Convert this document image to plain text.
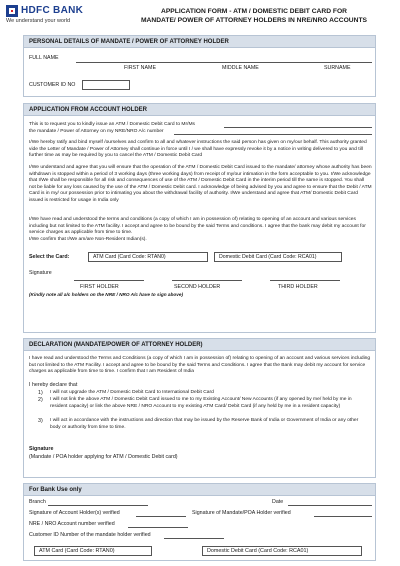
HDFC BANK
We understand your world
APPLICATION FORM - ATM / DOMESTIC DEBIT CARD FOR
MANDATE/ POWER OF ATTORNEY HOLDERS IN NRE/NRO ACCOUNTS
PERSONAL DETAILS OF MANDATE / POWER OF ATTORNEY HOLDER
FULL NAME
FIRST NAME	MIDDLE NAME	SURNAME
CUSTOMER ID NO
APPLICATION FROM ACCOUNT HOLDER
This is to request you to kindly issue an ATM / Domestic Debit Card to Mr/Ms
the mandate / Power of Attorney on my NRE/NRO A/c number
I/We hereby ratify and bind myself /ourselves and confirm to all and whatever instructions the said person has given on my/our behalf. This authority granted vide the Letter of Mandate / Power of Attorney shall continue in force until I / we shall have expressly revoke it by a notice in writing delivered to you and till further time as may be required by you to cancel the ATM / Domestic Debit Card
I/We understand and agree that you will ensure that the operation of the ATM / Domestic Debit Card issued to the mandate/ attorney whose authority has been withdrawn is stopped within a period of 3 working days (three working days) from receipt of my/our intimation in the form acceptable to you. I/We acknowledge that I/We shall be responsible for all risk and consequences of use of the ATM / Domestic Debit Card in the interim period till the same is stopped. You shall not be liable for any loss caused by the use of the ATM / Domestic Debit card. I acknowledge of being advised by you and agree to ensure that the Debit / ATM Card is in my/ our possession prior to intimating you about the withdrawal facility of authority. I/We understand and agree that ATM/ Domestic Debit Card issued is restricted for usage in India only
I/We have read and understood the terms and conditions (a copy of which I am in possession of) relating to opening of an account and various services including but not limited to the ATM facility. I accept and agree to be bound by the said Terms and conditions. I agree that the bank may debit my account for service charges as applicable from time to time.
I/We confirm that I/We am/are Non-Resident Indian(s).
Select the Card:	ATM Card (Card Code: RTAN0)	Domestic Debit Card (Card Code: RCA01)
Signature
FIRST HOLDER	SECOND HOLDER	THIRD HOLDER
(Kindly note all a/c holders on the NRE / NRO A/c have to sign above)
DECLARATION (MANDATE/POWER OF ATTORNEY HOLDER)
I have read and understood the Terms and Conditions (a copy of which I am in possession of) relating to opening of an account and various services including but not limited to the ATM Facility. I accept and agree to be bound by the said Terms and Conditions. I agree that the Bank may debit my account for service charges as applicable from time to time. I confirm that I am Resident of India
I hereby declare that
1) I will not upgrade the ATM / Domestic Debit Card to International Debit Card
2) I will not link the above ATM / Domestic Debit Card issued to me to my Existing Account/ New Accounts (if any opened by me/ held by me in resident capacity) or link the above NRE / NRO Account to my existing ATM Card/ Debit Card (if any held by me in a resident capacity)
3) I will act in accordance with the instructions and direction that may be issued by the Reserve Bank of India or Government of India or any other body or authority from time to time.
Signature
(Mandate / POA holder applying for ATM / Domestic Debit card)
For Bank Use only
Branch	Date
Signature of Account Holder(s) verified	Signature of Mandate/POA Holder verified
NRE / NRO Account number verified
Customer ID Number of the mandate holder verified
ATM Card (Card Code: RTAN0)	Domestic Debit Card (Card Code: RCA01)
